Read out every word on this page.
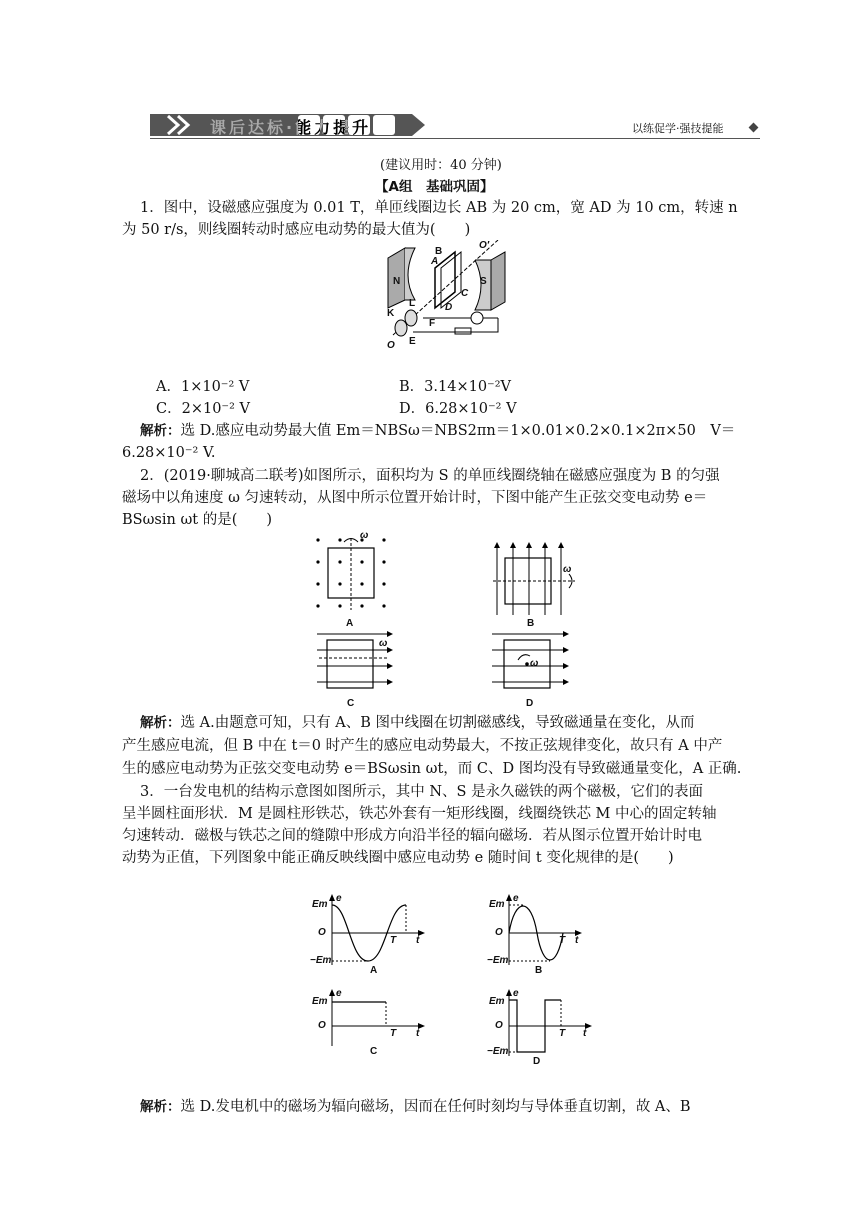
课后达标·能力提升	以练促学·强技提能
(建议用时：40 分钟)
【A组　基础巩固】
1．图中，设磁感应强度为 0.01 T，单匝线圈边长 AB 为 20 cm，宽 AD 为 10 cm，转速 n
为 50 r/s，则线圈转动时感应电动势的最大值为(　　)
B
A
O′
N	S
C
L	D
K
F
E
O
A．1×10⁻² V	B．3.14×10⁻²V
C．2×10⁻² V	D．6.28×10⁻² V
解析：选 D.感应电动势最大值 Em＝NBSω＝NBS2πn＝1×0.01×0.2×0.1×2π×50　V＝
6.28×10⁻² V.
2．(2019·聊城高二联考)如图所示，面积均为 S 的单匝线圈绕轴在磁感应强度为 B 的匀强
磁场中以角速度 ω 匀速转动，从图中所示位置开始计时，下图中能产生正弦交变电动势 e＝
BSωsin ωt 的是(　　)
ω
A
ω
B
ω
C
ω
D
解析：选 A.由题意可知，只有 A、B 图中线圈在切割磁感线，导致磁通量在变化，从而
产生感应电流，但 B 中在 t＝0 时产生的感应电动势最大，不按正弦规律变化，故只有 A 中产
生的感应电动势为正弦交变电动势 e＝BSωsin ωt，而 C、D 图均没有导致磁通量变化，A 正确.
3．一台发电机的结构示意图如图所示，其中 N、S 是永久磁铁的两个磁极，它们的表面
呈半圆柱面形状．M 是圆柱形铁芯，铁芯外套有一矩形线圈，线圈绕铁芯 M 中心的固定转轴
匀速转动．磁极与铁芯之间的缝隙中形成方向沿半径的辐向磁场．若从图示位置开始计时电
动势为正值，下列图象中能正确反映线圈中感应电动势 e 随时间 t 变化规律的是(　　)
Em
e
O
−Em
T t
A
Em
e
O
−Em
T t
B
Em
e
O
T t
C
Em
e
O
−Em
T t
D
解析：选 D.发电机中的磁场为辐向磁场，因而在任何时刻均与导体垂直切割，故 A、B
